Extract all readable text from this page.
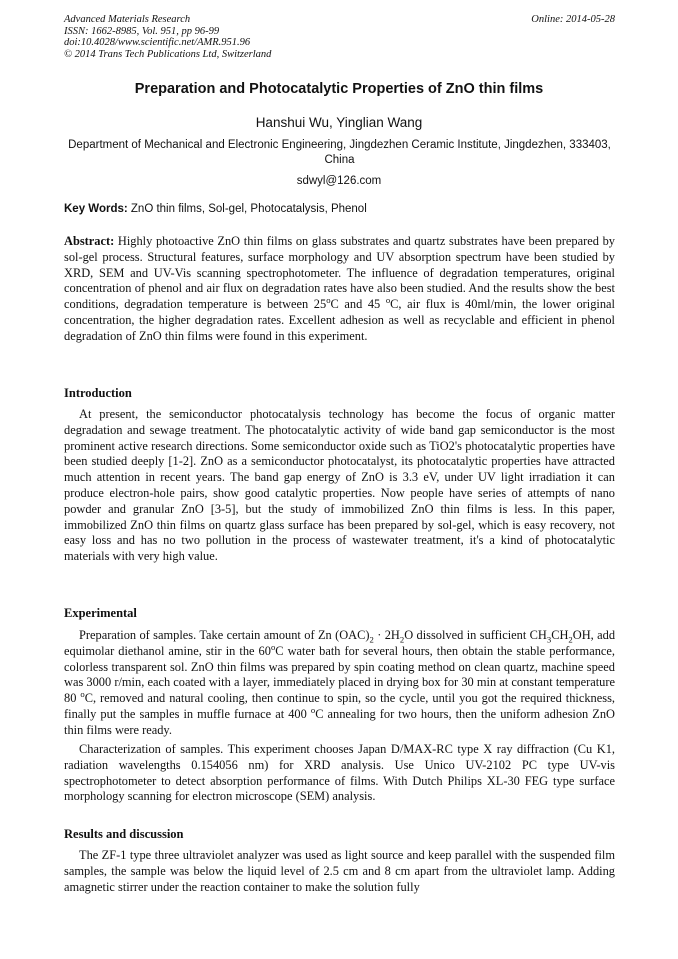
Advanced Materials Research
ISSN: 1662-8985, Vol. 951, pp 96-99
doi:10.4028/www.scientific.net/AMR.951.96
© 2014 Trans Tech Publications Ltd, Switzerland
Online: 2014-05-28
Preparation and Photocatalytic Properties of ZnO thin films
Hanshui Wu, Yinglian Wang
Department of Mechanical and Electronic Engineering, Jingdezhen Ceramic Institute, Jingdezhen, 333403, China
sdwyl@126.com
Key Words: ZnO thin films, Sol-gel, Photocatalysis, Phenol
Abstract: Highly photoactive ZnO thin films on glass substrates and quartz substrates have been prepared by sol-gel process. Structural features, surface morphology and UV absorption spectrum have been studied by XRD, SEM and UV-Vis scanning spectrophotometer. The influence of degradation temperatures, original concentration of phenol and air flux on degradation rates have also been studied. And the results show the best conditions, degradation temperature is between 25$^o$C and 45 $^o$C, air flux is 40ml/min, the lower original concentration, the higher degradation rates. Excellent adhesion as well as recyclable and efficient in phenol degradation of ZnO thin films were found in this experiment.
Introduction
At present, the semiconductor photocatalysis technology has become the focus of organic matter degradation and sewage treatment. The photocatalytic activity of wide band gap semiconductor is the most prominent active research directions. Some semiconductor oxide such as TiO2's photocatalytic properties have been studied deeply [1-2]. ZnO as a semiconductor photocatalyst, its photocatalytic properties have attracted much attention in recent years. The band gap energy of ZnO is 3.3 eV, under UV light irradiation it can produce electron-hole pairs, show good catalytic properties. Now people have series of attempts of nano powder and granular ZnO [3-5], but the study of immobilized ZnO thin films is less. In this paper, immobilized ZnO thin films on quartz glass surface has been prepared by sol-gel, which is easy recovery, not easy loss and has no two pollution in the process of wastewater treatment, it's a kind of photocatalytic materials with very high value.
Experimental
Preparation of samples. Take certain amount of Zn $(OAC)_2 \cdot 2H_2O$ dissolved in sufficient $CH_3CH_2OH$, add equimolar diethanol amine, stir in the 60$^o$C water bath for several hours, then obtain the stable performance, colorless transparent sol. ZnO thin films was prepared by spin coating method on clean quartz, machine speed was 3000 r/min, each coated with a layer, immediately placed in drying box for 30 min at constant temperature 80 $^o$C, removed and natural cooling, then continue to spin, so the cycle, until you got the required thickness, finally put the samples in muffle furnace at 400 $^o$C annealing for two hours, then the uniform adhesion ZnO thin films were ready.
Characterization of samples. This experiment chooses Japan D/MAX-RC type X ray diffraction (Cu K1, radiation wavelengths 0.154056 nm) for XRD analysis. Use Unico UV-2102 PC type UV-vis spectrophotometer to detect absorption performance of films. With Dutch Philips XL-30 FEG type surface morphology scanning for electron microscope (SEM) analysis.
Results and discussion
The ZF-1 type three ultraviolet analyzer was used as light source and keep parallel with the suspended film samples, the sample was below the liquid level of 2.5 cm and 8 cm apart from the ultraviolet lamp. Adding amagnetic stirrer under the reaction container to make the solution fully
